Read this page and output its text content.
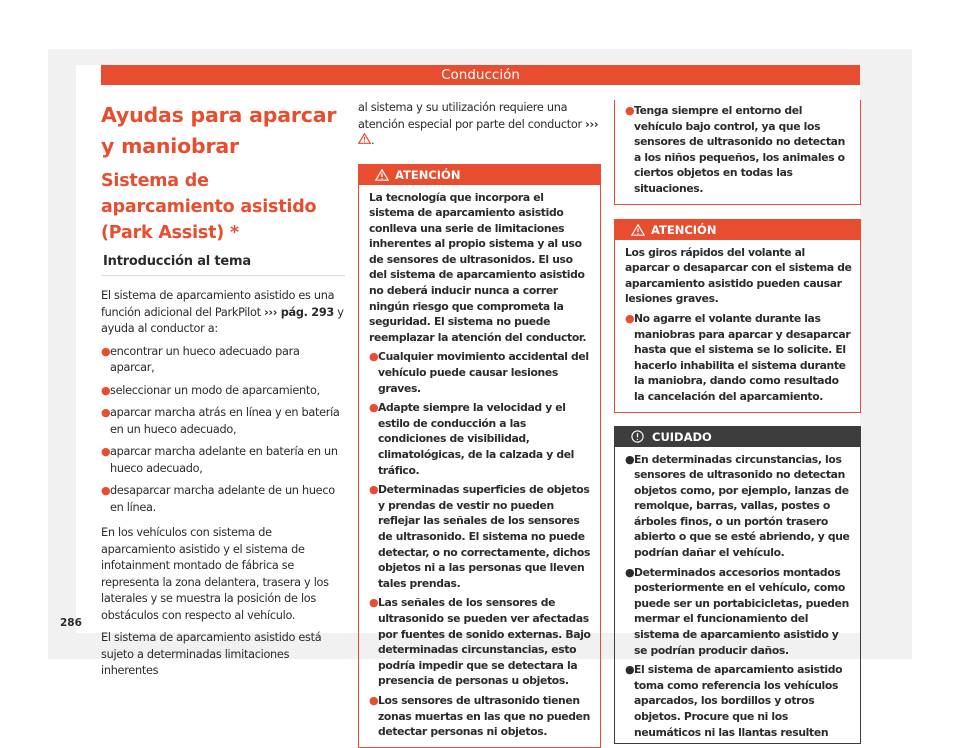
Conducción
Ayudas para aparcar y maniobrar
Sistema de aparcamiento asistido (Park Assist) *
Introducción al tema

El sistema de aparcamiento asistido es una función adicional del ParkPilot ››› pág. 293 y ayuda al conductor a:

● encontrar un hueco adecuado para aparcar,
● seleccionar un modo de aparcamiento,
● aparcar marcha atrás en línea y en batería en un hueco adecuado,
● aparcar marcha adelante en batería en un hueco adecuado,
● desaparcar marcha adelante de un hueco en línea.

En los vehículos con sistema de aparcamiento asistido y el sistema de infotainment montado de fábrica se representa la zona delantera, trasera y los laterales y se muestra la posición de los obstáculos con respecto al vehículo.

El sistema de aparcamiento asistido está sujeto a determinadas limitaciones inherentes

al sistema y su utilización requiere una atención especial por parte del conductor ››› .

ATENCIÓN

La tecnología que incorpora el sistema de aparcamiento asistido conlleva una serie de limitaciones inherentes al propio sistema y al uso de sensores de ultrasonidos. El uso del sistema de aparcamiento asistido no deberá inducir nunca a correr ningún riesgo que comprometa la seguridad. El sistema no puede reemplazar la atención del conductor.

● Cualquier movimiento accidental del vehículo puede causar lesiones graves.
● Adapte siempre la velocidad y el estilo de conducción a las condiciones de visibilidad, climatológicas, de la calzada y del tráfico.
● Determinadas superficies de objetos y prendas de vestir no pueden reflejar las señales de los sensores de ultrasonido. El sistema no puede detectar, o no correctamente, dichos objetos ni a las personas que lleven tales prendas.
● Las señales de los sensores de ultrasonido se pueden ver afectadas por fuentes de sonido externas. Bajo determinadas circunstancias, esto podría impedir que se detectara la presencia de personas u objetos.
● Los sensores de ultrasonido tienen zonas muertas en las que no pueden detectar personas ni objetos.
● Tenga siempre el entorno del vehículo bajo control, ya que los sensores de ultrasonido no detectan a los niños pequeños, los animales o ciertos objetos en todas las situaciones.
ATENCIÓN

Los giros rápidos del volante al aparcar o desaparcar con el sistema de aparcamiento asistido pueden causar lesiones graves.

● No agarre el volante durante las maniobras para aparcar y desaparcar hasta que el sistema se lo solicite. El hacerlo inhabilita el sistema durante la maniobra, dando como resultado la cancelación del aparcamiento.
CUIDADO
● En determinadas circunstancias, los sensores de ultrasonido no detectan objetos como, por ejemplo, lanzas de remolque, barras, vallas, postes o árboles finos, o un portón trasero abierto o que se esté abriendo, y que podrían dañar el vehículo.
● Determinados accesorios montados posteriormente en el vehículo, como puede ser un portabicicletas, pueden mermar el funcionamiento del sistema de aparcamiento asistido y se podrían producir daños.
● El sistema de aparcamiento asistido toma como referencia los vehículos aparcados, los bordillos y otros objetos. Procure que ni los neumáticos ni las llantas resulten
286
